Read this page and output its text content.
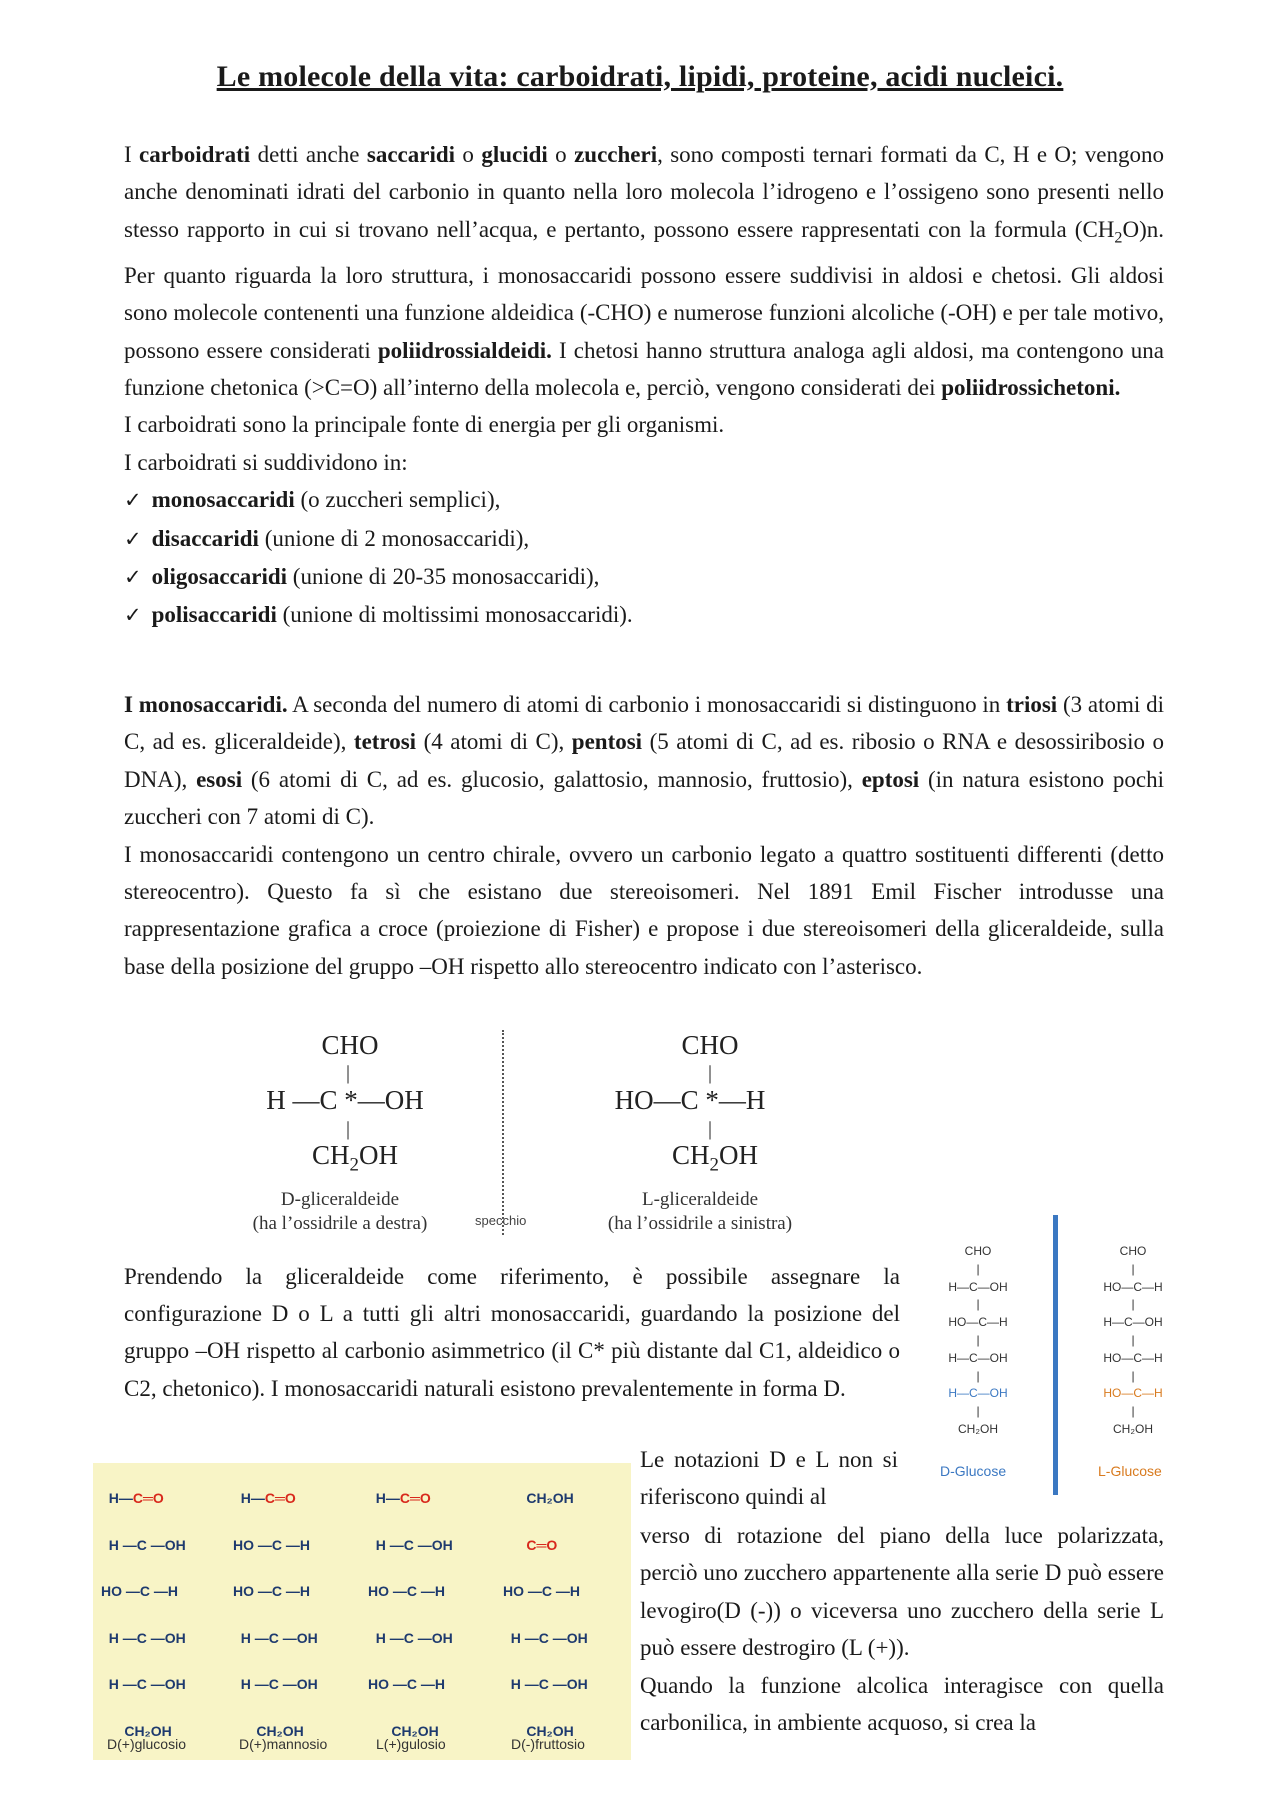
Le molecole della vita: carboidrati, lipidi, proteine, acidi nucleici.

I carboidrati detti anche saccaridi o glucidi o zuccheri, sono composti ternari formati da C, H e O; vengono anche denominati idrati del carbonio in quanto nella loro molecola l’idrogeno e l’ossigeno sono presenti nello stesso rapporto in cui si trovano nell’acqua, e pertanto, possono essere rappresentati con la formula $(CH_2O)n$. Per quanto riguarda la loro struttura, i monosaccaridi possono essere suddivisi in aldosi e chetosi. Gli aldosi sono molecole contenenti una funzione aldeidica (-CHO) e numerose funzioni alcoliche (-OH) e per tale motivo, possono essere considerati poliidrossialdeidi. I chetosi hanno struttura analoga agli aldosi, ma contengono una funzione chetonica (>C=O) all’interno della molecola e, perciò, vengono considerati dei poliidrossichetoni.
I carboidrati sono la principale fonte di energia per gli organismi.
I carboidrati si suddividono in:
✓ monosaccaridi (o zuccheri semplici),
✓ disaccaridi (unione di 2 monosaccaridi),
✓ oligosaccaridi (unione di 20-35 monosaccaridi),
✓ polisaccaridi (unione di moltissimi monosaccaridi).

I monosaccaridi. A seconda del numero di atomi di carbonio i monosaccaridi si distinguono in triosi (3 atomi di C, ad es. gliceraldeide), tetrosi (4 atomi di C), pentosi (5 atomi di C, ad es. ribosio o RNA e desossiribosio o DNA), esosi (6 atomi di C, ad es. glucosio, galattosio, mannosio, fruttosio), eptosi (in natura esistono pochi zuccheri con 7 atomi di C).
I monosaccaridi contengono un centro chirale, ovvero un carbonio legato a quattro sostituenti differenti (detto stereocentro). Questo fa sì che esistano due stereoisomeri. Nel 1891 Emil Fischer introdusse una rappresentazione grafica a croce (proiezione di Fisher) e propose i due stereoisomeri della gliceraldeide, sulla base della posizione del gruppo –OH rispetto allo stereocentro indicato con l’asterisco.

CHO
|
H —C *—OH
|
$CH_2OH$
D-gliceraldeide
(ha l’ossidrile a destra)	specchio
CHO
|
HO—C *—H
|
$CH_2OH$
L-gliceraldeide
(ha l’ossidrile a sinistra)

Prendendo la gliceraldeide come riferimento, è possibile assegnare la configurazione D o L a tutti gli altri monosaccaridi, guardando la posizione del gruppo –OH rispetto al carbonio asimmetrico (il C* più distante dal C1, aldeidico o C2, chetonico). I monosaccaridi naturali esistono prevalentemente in forma D.

CHO
|
H—C—OH
|
HO—C—H
|
H—C—OH
|
H—C—OH
|
CH₂OH
CHO
|
HO—C—H
|
H—C—OH
|
HO—C—H
|
HO—C—H
|
CH₂OH
D-Glucose	L-Glucose
H—C═O
H —C —OH
HO —C —H
H —C —OH
H —C —OH
CH₂OH
H—C═O
HO —C —H
HO —C —H
H —C —OH
H —C —OH
CH₂OH
H—C═O
H —C —OH
HO —C —H
H —C —OH
HO —C —H
CH₂OH
CH₂OH
C═O
HO —C —H
H —C —OH
H —C —OH
CH₂OH
D(+)glucosio	D(+)mannosio	L(+)gulosio	D(-)fruttosio

Le notazioni D e L non si riferiscono quindi al

verso di rotazione del piano della luce polarizzata, perciò uno zucchero appartenente alla serie D può essere levogiro(D (-)) o viceversa uno zucchero della serie L può essere destrogiro (L (+)).

Quando la funzione alcolica interagisce con quella carbonilica, in ambiente acquoso, si crea la
